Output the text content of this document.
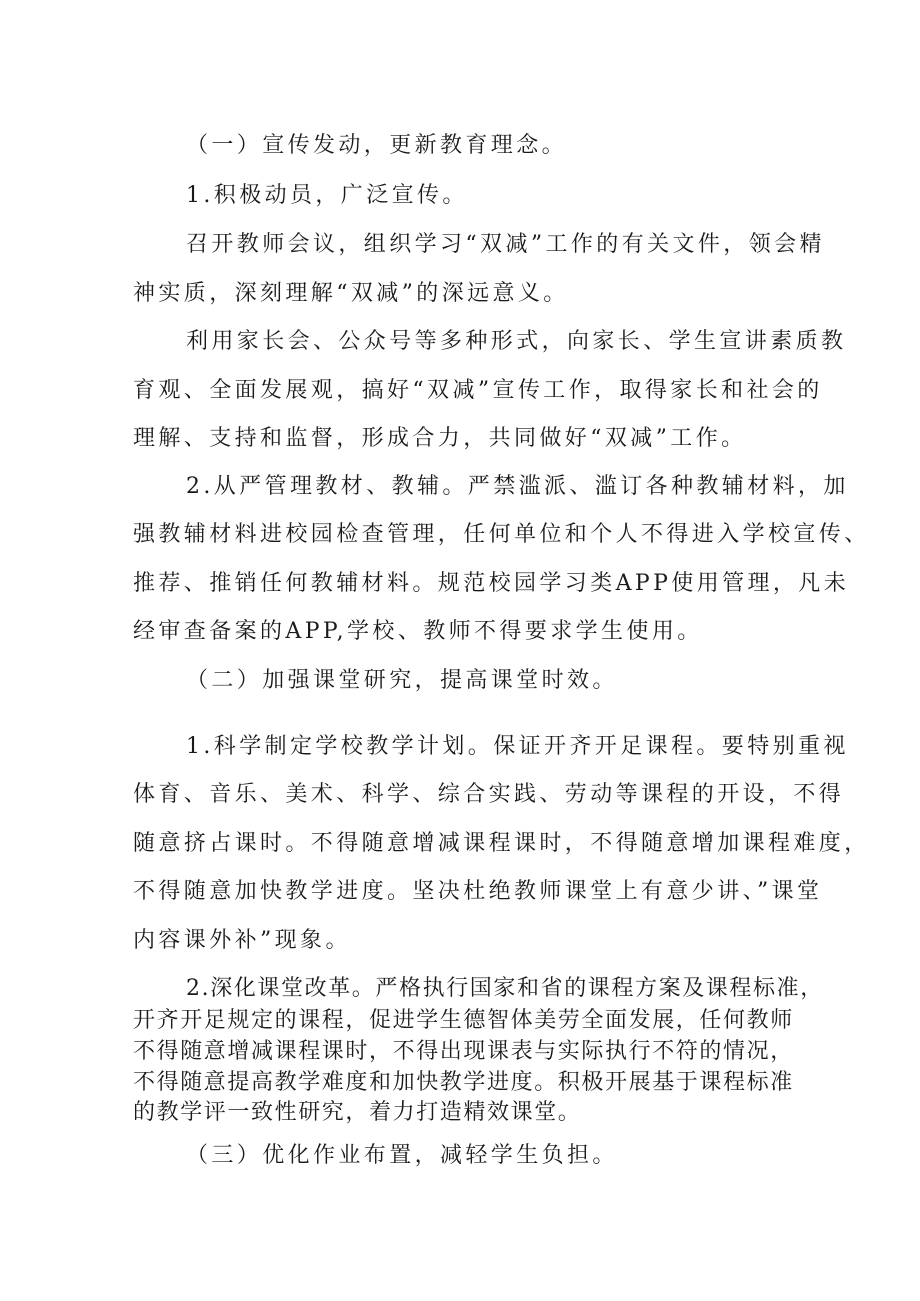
（一）宣传发动，更新教育理念。
1.积极动员，广泛宣传。
召开教师会议，组织学习“双减”工作的有关文件，领会精
神实质，深刻理解“双减”的深远意义。
利用家长会、公众号等多种形式，向家长、学生宣讲素质教
育观、全面发展观，搞好“双减”宣传工作，取得家长和社会的
理解、支持和监督，形成合力，共同做好“双减”工作。
2.从严管理教材、教辅。严禁滥派、滥订各种教辅材料，加
强教辅材料进校园检查管理，任何单位和个人不得进入学校宣传、
推荐、推销任何教辅材料。规范校园学习类APP使用管理，凡未
经审查备案的APP,学校、教师不得要求学生使用。
（二）加强课堂研究，提高课堂时效。
1.科学制定学校教学计划。保证开齐开足课程。要特别重视
体育、音乐、美术、科学、综合实践、劳动等课程的开设，不得
随意挤占课时。不得随意增减课程课时，不得随意增加课程难度，
不得随意加快教学进度。坚决杜绝教师课堂上有意少讲、”课堂
内容课外补”现象。
2.深化课堂改革。严格执行国家和省的课程方案及课程标准，
开齐开足规定的课程，促进学生德智体美劳全面发展，任何教师
不得随意增减课程课时，不得出现课表与实际执行不符的情况，
不得随意提高教学难度和加快教学进度。积极开展基于课程标准
的教学评一致性研究，着力打造精效课堂。
（三）优化作业布置，减轻学生负担。
